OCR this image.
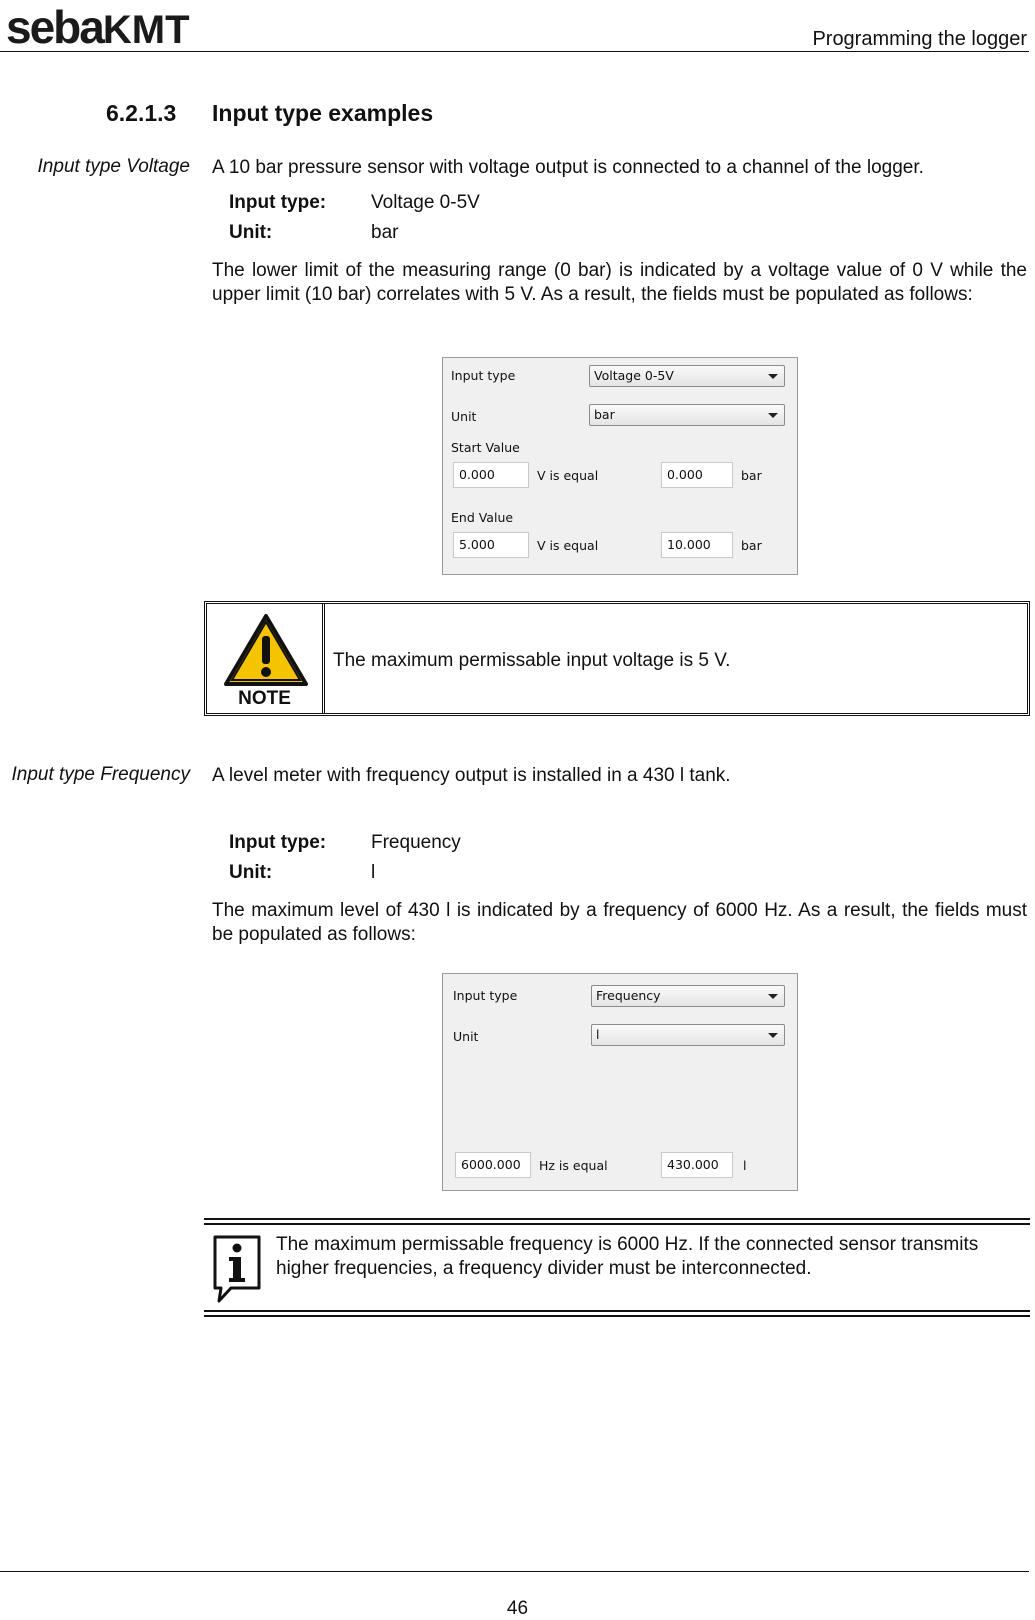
sebaKMT	Programming the logger
6.2.1.3 Input type examples
Input type Voltage A 10 bar pressure sensor with voltage output is connected to a channel of the logger.
Input type: Voltage 0-5V
Unit:	bar
The lower limit of the measuring range (0 bar) is indicated by a voltage value of 0 V while the upper limit (10 bar) correlates with 5 V. As a result, the fields must be populated as follows:
Input type	Voltage 0-5V
Unit	bar
Start Value
0.000	V is equal	0.000	bar
End Value
5.000	V is equal	10.000	bar
NOTE
The maximum permissable input voltage is 5 V.
Input type Frequency A level meter with frequency output is installed in a 430 l tank.
Input type: Frequency
Unit:	l
The maximum level of 430 l is indicated by a frequency of 6000 Hz. As a result, the fields must be populated as follows:
Input type	Frequency
Unit	l
6000.000	Hz is equal	430.000	l
The maximum permissable frequency is 6000 Hz. If the connected sensor transmits higher frequencies, a frequency divider must be interconnected.
46
